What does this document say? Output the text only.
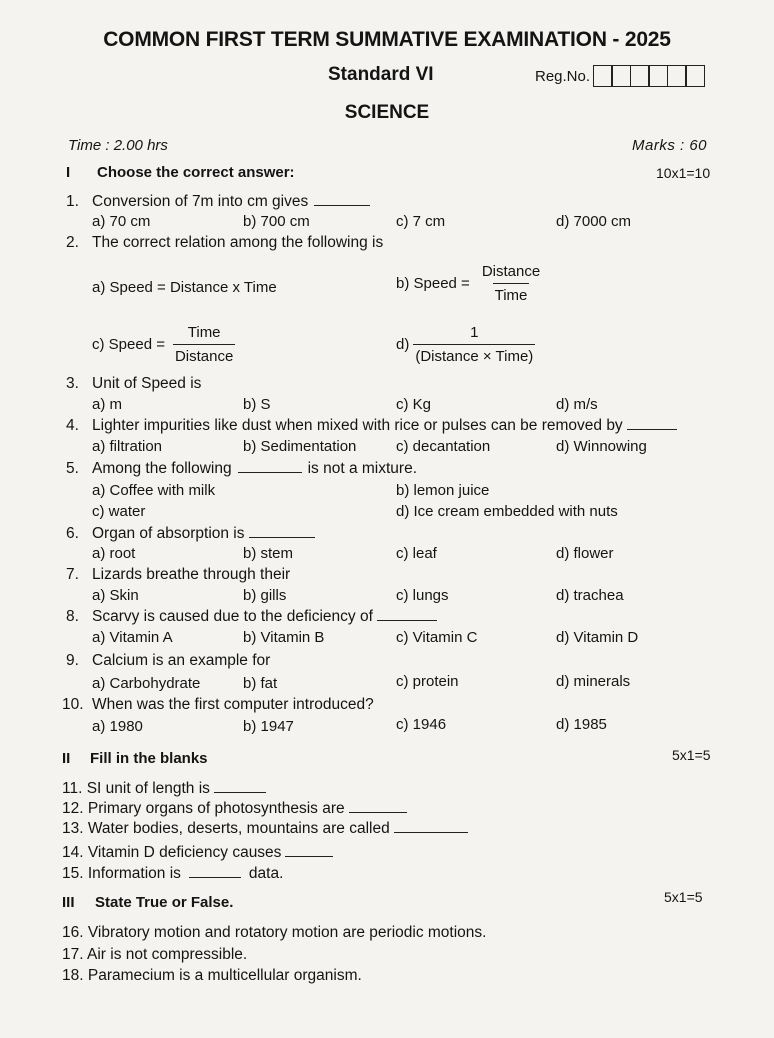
COMMON FIRST TERM SUMMATIVE EXAMINATION - 2025
Standard VI	Reg.No.
SCIENCE
Time : 2.00 hrs	Marks : 60
I Choose the correct answer:	10x1=10
1. Conversion of 7m into cm gives
a) 70 cm	b) 700 cm	c) 7 cm	d) 7000 cm
2. The correct relation among the following is
a) Speed = Distance x Time	b) Speed = $\frac{\text{Distance}}{\text{Time}}$
c) Speed = $\frac{\text{Time}}{\text{Distance}}$	$d) \frac{1}{\text{(Distance × Time)}}$
3. Unit of Speed is
a) m	b) S	c) Kg	d) m/s
4. Lighter impurities like dust when mixed with rice or pulses can be removed by
a) filtration	b) Sedimentation	c) decantation	d) Winnowing
5. Among the following	is not a mixture.
a) Coffee with milk	b) lemon juice
c) water	d) Ice cream embedded with nuts
6. Organ of absorption is
a) root	b) stem	c) leaf	d) flower
7. Lizards breathe through their
a) Skin	b) gills	c) lungs	d) trachea
8. Scarvy is caused due to the deficiency of
a) Vitamin A	b) Vitamin B	c) Vitamin C	d) Vitamin D
9. Calcium is an example for
a) Carbohydrate	b) fat	c) protein	d) minerals
10. When was the first computer introduced?
a) 1980	b) 1947	c) 1946	d) 1985
II Fill in the blanks	5x1=5
11. SI unit of length is
12. Primary organs of photosynthesis are
13. Water bodies, deserts, mountains are called
14. Vitamin D deficiency causes
15. Information is	data.
III State True or False.	5x1=5
16. Vibratory motion and rotatory motion are periodic motions.
17. Air is not compressible.
18. Paramecium is a multicellular organism.
